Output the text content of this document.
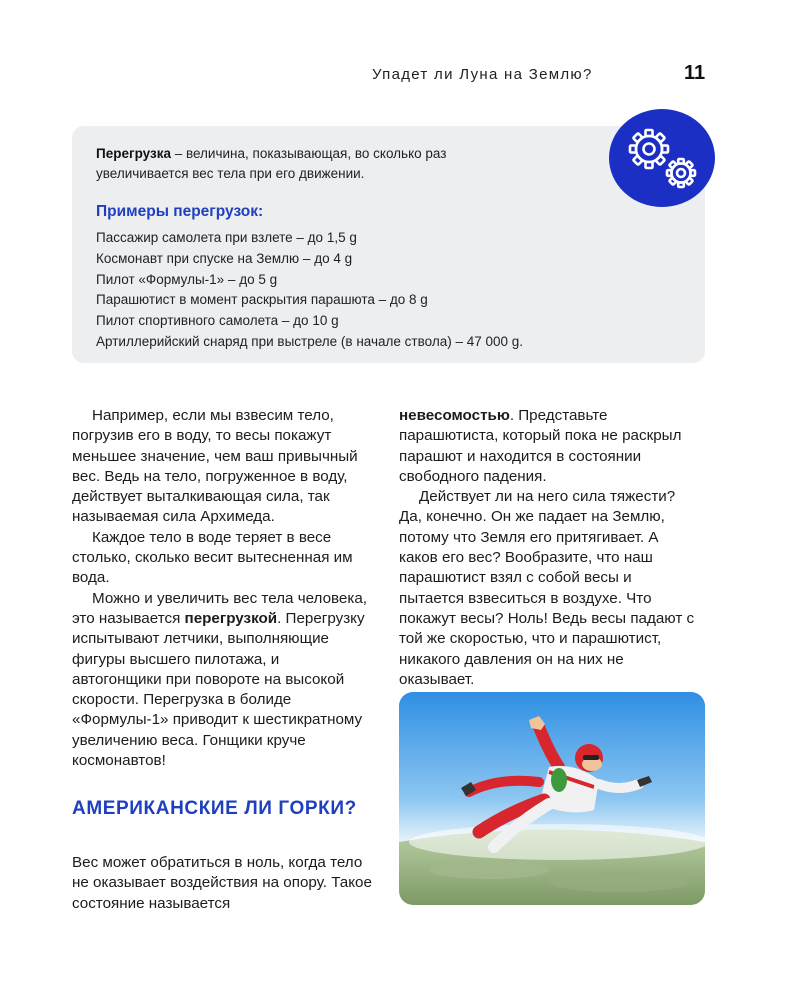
Упадет ли Луна на Землю?	11
Перегрузка – величина, показывающая, во сколько раз увеличивается вес тела при его движении.
Примеры перегрузок:
Пассажир самолета при взлете – до 1,5 g
Космонавт при спуске на Землю – до 4 g
Пилот «Формулы-1» – до 5 g
Парашютист в момент раскрытия парашюта – до 8 g
Пилот спортивного самолета – до 10 g
Артиллерийский снаряд при выстреле (в начале ствола) – 47 000 g.

Например, если мы взвесим тело, погрузив его в воду, то весы покажут меньшее значение, чем ваш привычный вес. Ведь на тело, погруженное в воду, действует выталкивающая сила, так называемая сила Архимеда.

Каждое тело в воде теряет в весе столько, сколько весит вытесненная им вода.

Можно и увеличить вес тела человека, это называется перегрузкой. Перегрузку испытывают летчики, выполняющие фигуры высшего пилотажа, и автогонщики при повороте на высокой скорости. Перегрузка в болиде «Формулы-1» приводит к шестикратному увеличению веса. Гонщики круче космонавтов!

АМЕРИКАНСКИЕ ЛИ ГОРКИ?

Вес может обратиться в ноль, когда тело не оказывает воздействия на опору. Такое состояние называется

невесомостью. Представьте парашютиста, который пока не раскрыл парашют и находится в состоянии свободного падения.

Действует ли на него сила тяжести? Да, конечно. Он же падает на Землю, потому что Земля его притягивает. А каков его вес? Вообразите, что наш парашютист взял с собой весы и пытается взвеситься в воздухе. Что покажут весы? Ноль! Ведь весы падают с той же скоростью, что и парашютист, никакого давления он на них не оказывает.
